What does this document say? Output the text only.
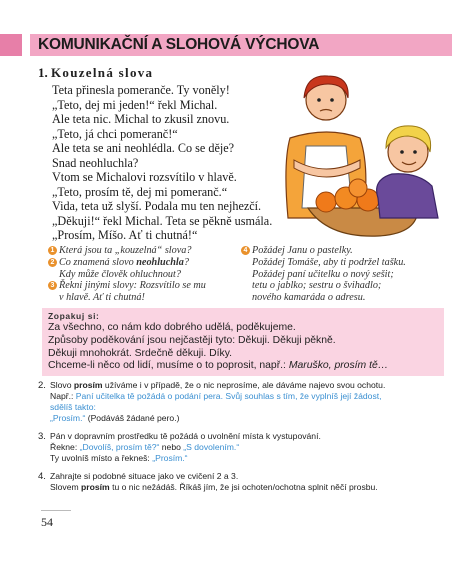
KOMUNIKAČNÍ A SLOHOVÁ VÝCHOVA
1. Kouzelná slova
Teta přinesla pomeranče. Ty voněly!
„Teto, dej mi jeden!“ řekl Michal.
Ale teta nic. Michal to zkusil znovu.
„Teto, já chci pomeranč!“
Ale teta se ani neohlédla. Co se děje?
Snad neohluchla?
Vtom se Michalovi rozsvítilo v hlavě.
„Teto, prosím tě, dej mi pomeranč.“
Vida, teta už slyší. Podala mu ten nejhezčí.
„Děkuji!“ řekl Michal. Teta se pěkně usmála.
„Prosím, Míšo. Ať ti chutná!“
1 Která jsou ta „kouzelná“ slova?
2 Co znamená slovo neohluchla?
Kdy může člověk ohluchnout?
3 Řekni jinými slovy: Rozsvítilo se mu
v hlavě. Ať ti chutná!
4 Požádej Janu o pastelky.
Požádej Tomáše, aby ti podržel tašku.
Požádej paní učitelku o nový sešit;
tetu o jablko; sestru o švihadlo;
nového kamaráda o adresu.
Zopakuj si:
Za všechno, co nám kdo dobrého udělá, poděkujeme.
Způsoby poděkování jsou nejčastěji tyto: Děkuji. Děkuji pěkně.
Děkuji mnohokrát. Srdečně děkuji. Díky.
Chceme-li něco od lidí, musíme o to poprosit, např.: Maruško, prosím tě…
2. Slovo prosím užíváme i v případě, že o nic neprosíme, ale dáváme najevo svou ochotu.
Např.: Paní učitelka tě požádá o podání pera. Svůj souhlas s tím, že vyplníš její žádost,
sdělíš takto:
„Prosím.“ (Podáváš žádané pero.)
3. Pán v dopravním prostředku tě požádá o uvolnění místa k vystupování.
Řekne: „Dovolíš, prosím tě?“ nebo „S dovolením.“
Ty uvolníš místo a řekneš: „Prosím.“
4. Zahrajte si podobné situace jako ve cvičení 2 a 3.
Slovem prosím tu o nic nežádáš. Říkáš jím, že jsi ochoten/ochotna splnit něčí prosbu.
54
